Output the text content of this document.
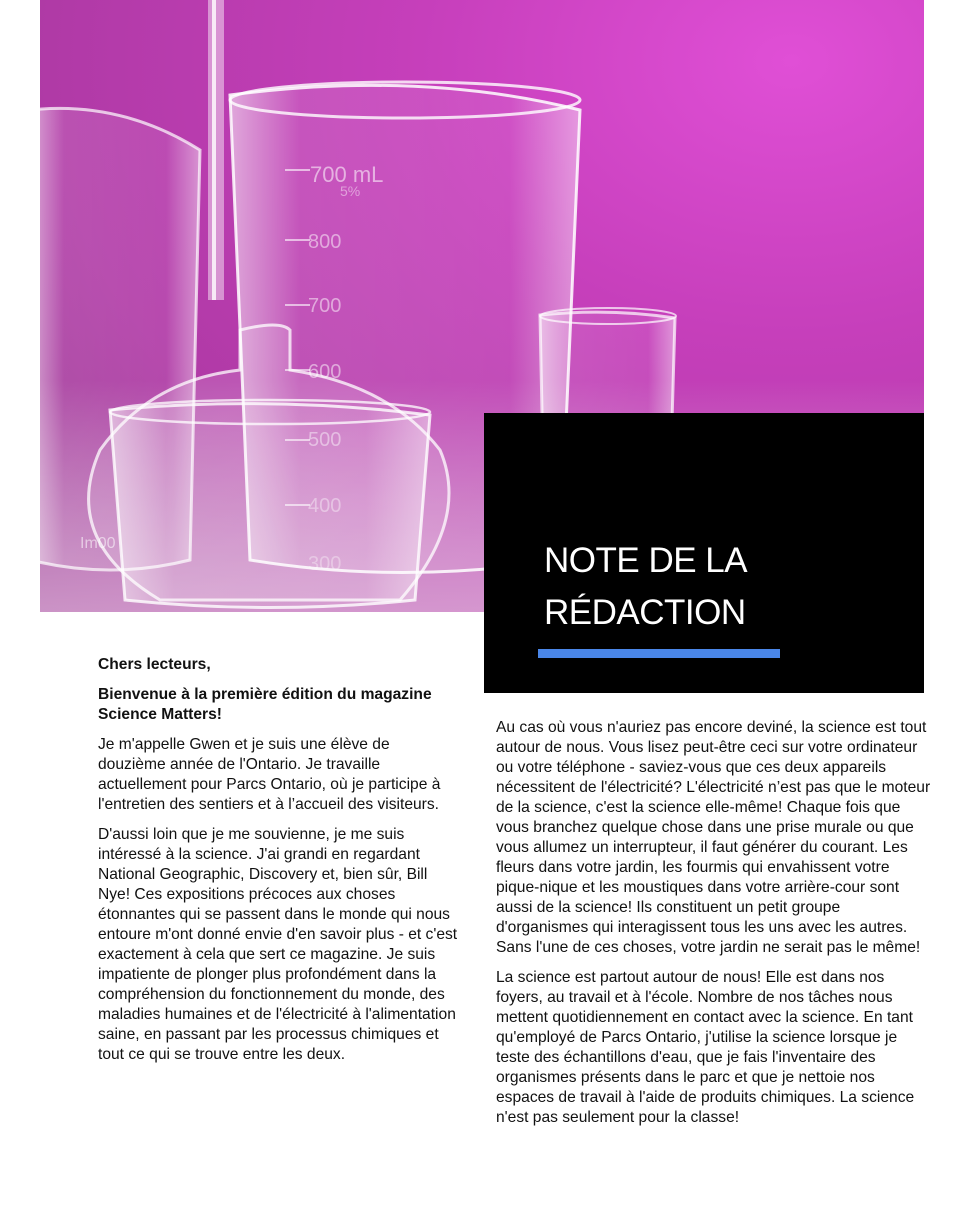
700 mL
5%
800
700
600
Im00	NOTE DE LA
RÉDACTION

Chers lecteurs,

Bienvenue à la première édition du magazine Science Matters!

Je m'appelle Gwen et je suis une élève de douzième année de l'Ontario. Je travaille actuellement pour Parcs Ontario, où je participe à l'entretien des sentiers et à l’accueil des visiteurs.

D'aussi loin que je me souvienne, je me suis intéressé à la science. J'ai grandi en regardant National Geographic, Discovery et, bien sûr, Bill Nye! Ces expositions précoces aux choses étonnantes qui se passent dans le monde qui nous entoure m'ont donné envie d'en savoir plus - et c'est exactement à cela que sert ce magazine. Je suis impatiente de plonger plus profondément dans la compréhension du fonctionnement du monde, des maladies humaines et de l'électricité à l'alimentation saine, en passant par les processus chimiques et tout ce qui se trouve entre les deux.

Au cas où vous n'auriez pas encore deviné, la science est tout autour de nous. Vous lisez peut-être ceci sur votre ordinateur ou votre téléphone - saviez-vous que ces deux appareils nécessitent de l'électricité? L'électricité n’est pas que le moteur de la science, c'est la science elle-même! Chaque fois que vous branchez quelque chose dans une prise murale ou que vous allumez un interrupteur, il faut générer du courant. Les fleurs dans votre jardin, les fourmis qui envahissent votre pique-nique et les moustiques dans votre arrière-cour sont aussi de la science! Ils constituent un petit groupe d'organismes qui interagissent tous les uns avec les autres. Sans l'une de ces choses, votre jardin ne serait pas le même!

La science est partout autour de nous! Elle est dans nos foyers, au travail et à l'école. Nombre de nos tâches nous mettent quotidiennement en contact avec la science. En tant qu'employé de Parcs Ontario, j'utilise la science lorsque je teste des échantillons d'eau, que je fais l'inventaire des organismes présents dans le parc et que je nettoie nos espaces de travail à l'aide de produits chimiques. La science n'est pas seulement pour la classe!
